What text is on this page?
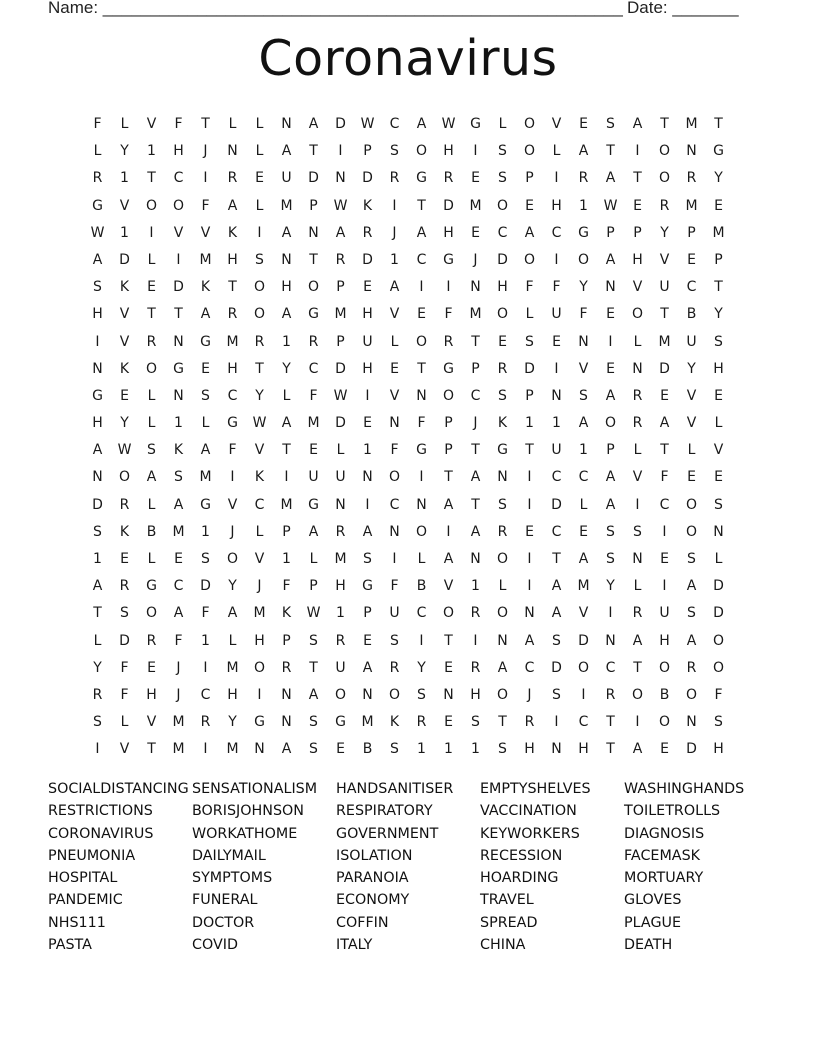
Name: _______________________________________________________ Date: _______
Coronavirus
F	L	V	F	T	L	L	N	A	D	W	C	A	W	G	L	O	V	E	S	A	T	M	T
L	Y	1	H	J	N	L	A	T	I	P	S	O	H	I	S	O	L	A	T	I	O	N	G
R	1	T	C	I	R	E	U	D	N	D	R	G	R	E	S	P	I	R	A	T	O	R	Y
G	V	O	O	F	A	L	M	P	W	K	I	T	D	M	O	E	H	1	W	E	R	M	E
W	1	I	V	V	K	I	A	N	A	R	J	A	H	E	C	A	C	G	P	P	Y	P	M
A	D	L	I	M	H	S	N	T	R	D	1	C	G	J	D	O	I	O	A	H	V	E	P
S	K	E	D	K	T	O	H	O	P	E	A	I	I	N	H	F	F	Y	N	V	U	C	T
H	V	T	T	A	R	O	A	G	M	H	V	E	F	M	O	L	U	F	E	O	T	B	Y
I	V	R	N	G	M	R	1	R	P	U	L	O	R	T	E	S	E	N	I	L	M	U	S
N	K	O	G	E	H	T	Y	C	D	H	E	T	G	P	R	D	I	V	E	N	D	Y	H
G	E	L	N	S	C	Y	L	F	W	I	V	N	O	C	S	P	N	S	A	R	E	V	E
H	Y	L	1	L	G	W	A	M	D	E	N	F	P	J	K	1	1	A	O	R	A	V	L
A	W	S	K	A	F	V	T	E	L	1	F	G	P	T	G	T	U	1	P	L	T	L	V
N	O	A	S	M	I	K	I	U	U	N	O	I	T	A	N	I	C	C	A	V	F	E	E
D	R	L	A	G	V	C	M	G	N	I	C	N	A	T	S	I	D	L	A	I	C	O	S
S	K	B	M	1	J	L	P	A	R	A	N	O	I	A	R	E	C	E	S	S	I	O	N
1	E	L	E	S	O	V	1	L	M	S	I	L	A	N	O	I	T	A	S	N	E	S	L
A	R	G	C	D	Y	J	F	P	H	G	F	B	V	1	L	I	A	M	Y	L	I	A	D
T	S	O	A	F	A	M	K	W	1	P	U	C	O	R	O	N	A	V	I	R	U	S	D
L	D	R	F	1	L	H	P	S	R	E	S	I	T	I	N	A	S	D	N	A	H	A	O
Y	F	E	J	I	M	O	R	T	U	A	R	Y	E	R	A	C	D	O	C	T	O	R	O
R	F	H	J	C	H	I	N	A	O	N	O	S	N	H	O	J	S	I	R	O	B	O	F
S	L	V	M	R	Y	G	N	S	G	M	K	R	E	S	T	R	I	C	T	I	O	N	S
I	V	T	M	I	M	N	A	S	E	B	S	1	1	1	S	H	N	H	T	A	E	D	H
SOCIALDISTANCING SENSATIONALISM	HANDSANITISER	EMPTYSHELVES	WASHINGHANDS
RESTRICTIONS	BORISJOHNSON	RESPIRATORY	VACCINATION	TOILETROLLS
CORONAVIRUS	WORKATHOME	GOVERNMENT	KEYWORKERS	DIAGNOSIS
PNEUMONIA	DAILYMAIL	ISOLATION	RECESSION	FACEMASK
HOSPITAL	SYMPTOMS	PARANOIA	HOARDING	MORTUARY
PANDEMIC	FUNERAL	ECONOMY	TRAVEL	GLOVES
NHS111	DOCTOR	COFFIN	SPREAD	PLAGUE
PASTA	COVID	ITALY	CHINA	DEATH
